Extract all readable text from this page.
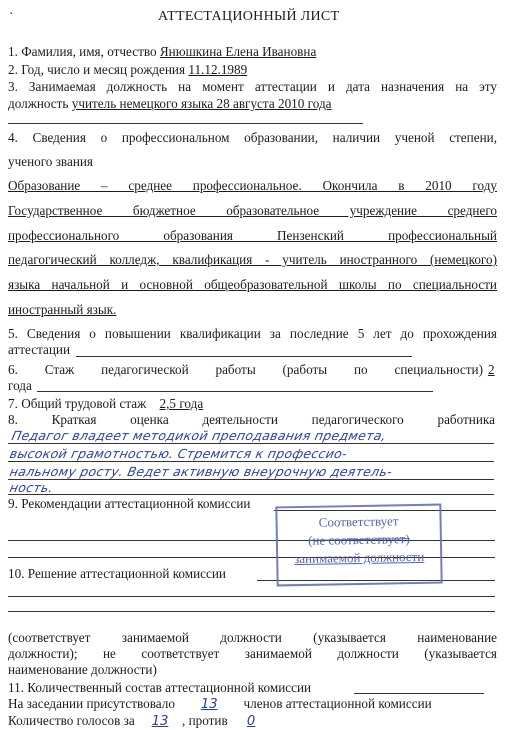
·	АТТЕСТАЦИОННЫЙ ЛИСТ
1. Фамилия, имя, отчество Янюшкина Елена Ивановна
2. Год, число и месяц рождения 11.12.1989
3. Занимаемая должность на момент аттестации и дата назначения на эту
должность учитель немецкого языка 28 августа 2010 года
4. Сведения о профессиональном образовании, наличии ученой степени,
ученого звания
Образование – среднее профессиональное. Окончила в 2010 году
Государственное бюджетное образовательное учреждение среднего
профессионального образования Пензенский профессиональный
педагогический колледж, квалификация - учитель иностранного (немецкого)
языка начальной и основной общеобразовательной школы по специальности
иностранный язык.
5. Сведения о повышении квалификации за последние 5 лет до прохождения
аттестации
6. Стаж педагогической работы (работы по специальности) 2
года
7. Общий трудовой стаж 2,5 года
8. Краткая оценка деятельности педагогического работника
Педагог владеет методикой преподавания предмета,
высокой грамотностью. Стремится к профессио-
нальному росту. Ведет активную внеурочную деятель-
ность.
9. Рекомендации аттестационной комиссии
10. Решение аттестационной комиссии
Соответствует
(не соответствует)
занимаемой должности
(соответствует занимаемой должности (указывается наименование
должности); не соответствует занимаемой должности (указывается
наименование должности)
11. Количественный состав аттестационной комиссии
На заседании присутствовало 13 членов аттестационной комиссии
Количество голосов за 13 , против 0
